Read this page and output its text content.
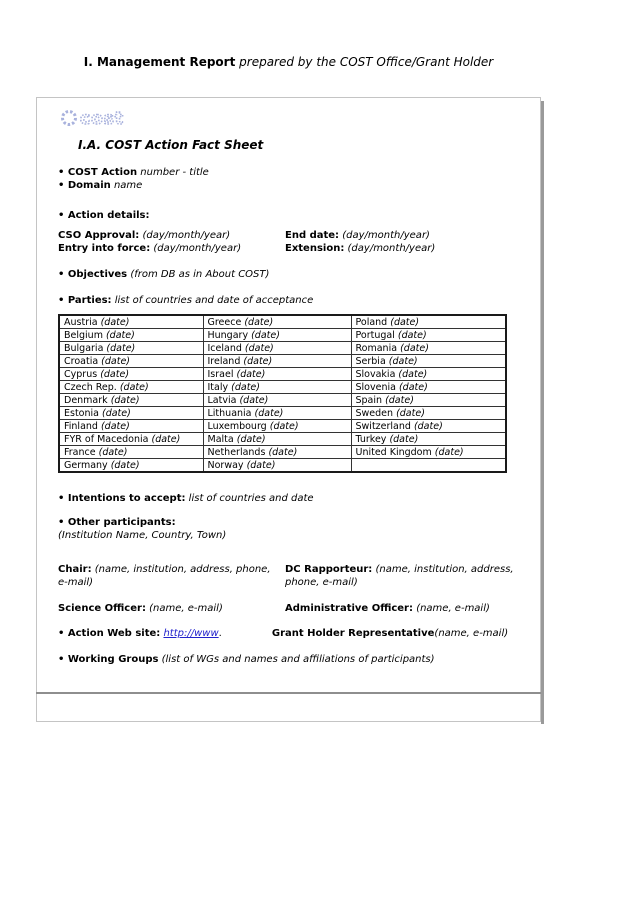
I. Management Report prepared by the COST Office/Grant Holder
cost
I.A. COST Action Fact Sheet
• COST Action number - title
• Domain name
• Action details:
CSO Approval: (day/month/year)	End date: (day/month/year)
Entry into force: (day/month/year)	Extension: (day/month/year)
• Objectives (from DB as in About COST)
• Parties: list of countries and date of acceptance
Austria (date)	Greece (date)	Poland (date)
Belgium (date)	Hungary (date)	Portugal (date)
Bulgaria (date)	Iceland (date)	Romania (date)
Croatia (date)	Ireland (date)	Serbia (date)
Cyprus (date)	Israel (date)	Slovakia (date)
Czech Rep. (date)	Italy (date)	Slovenia (date)
Denmark (date)	Latvia (date)	Spain (date)
Estonia (date)	Lithuania (date)	Sweden (date)
Finland (date)	Luxembourg (date)	Switzerland (date)
FYR of Macedonia (date)	Malta (date)	Turkey (date)
France (date)	Netherlands (date)	United Kingdom (date)
Germany (date)	Norway (date)	
• Intentions to accept: list of countries and date
• Other participants:
(Institution Name, Country, Town)
Chair: (name, institution, address, phone, e-mail)
DC Rapporteur: (name, institution, address, phone, e-mail)
Science Officer: (name, e-mail)	Administrative Officer: (name, e-mail)
• Action Web site: http://www.	Grant Holder Representative(name, e-mail)
• Working Groups (list of WGs and names and affiliations of participants)
